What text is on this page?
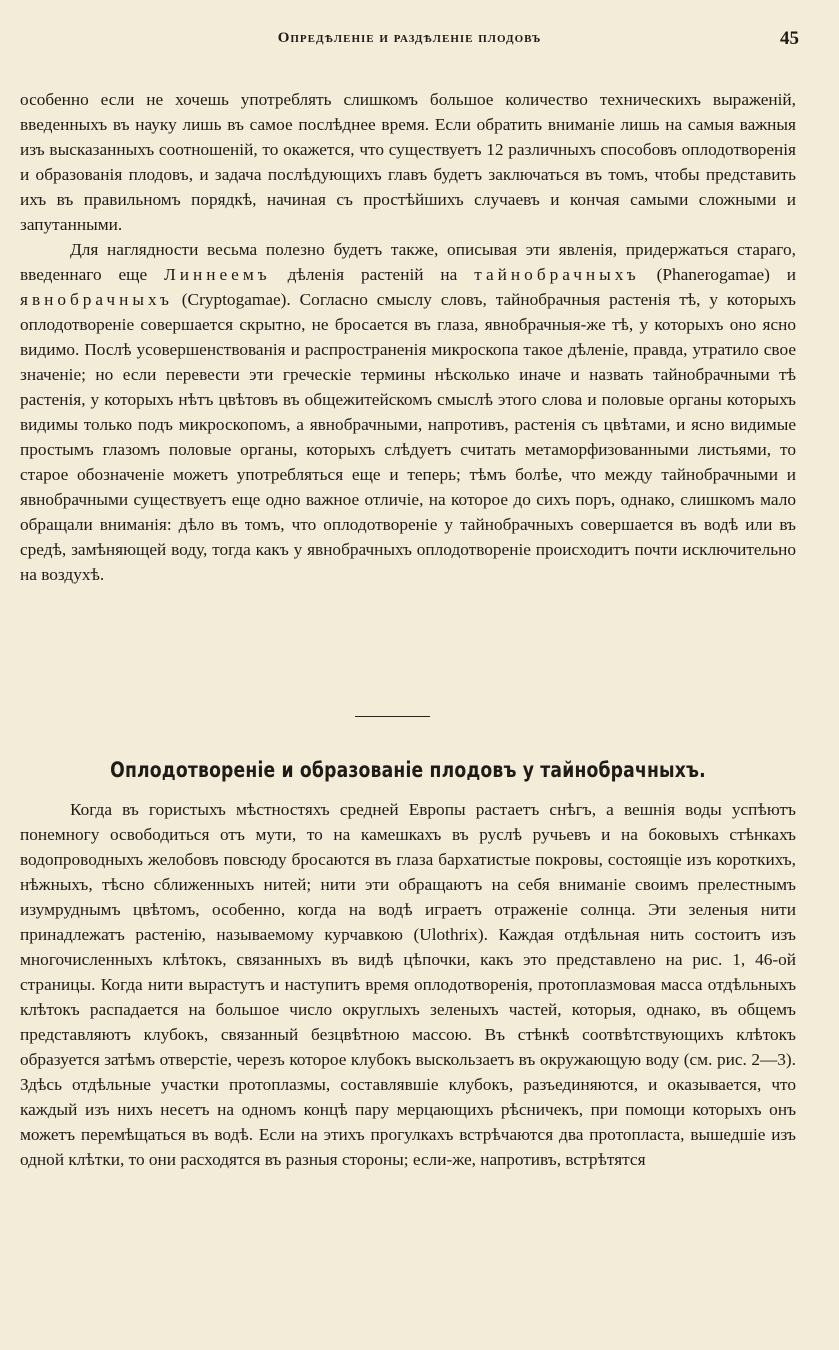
Опредѣленіе и раздѣленіе плодовъ	45

особенно если не хочешь употреблять слишкомъ большое количество техническихъ выраженій, введенныхъ въ науку лишь въ самое послѣднее время. Если обратить вниманіе лишь на самыя важныя изъ высказанныхъ соотношеній, то окажется, что существуетъ 12 различныхъ способовъ оплодотворенія и образованія плодовъ, и задача послѣдующихъ главъ будетъ заключаться въ томъ, чтобы представить ихъ въ правильномъ порядкѣ, начиная съ простѣйшихъ случаевъ и кончая самыми сложными и запутанными.

Для наглядности весьма полезно будетъ также, описывая эти явленія, придержаться стараго, введеннаго еще Линнеемъ дѣленія растеній на тайнобрачныхъ (Phanerogamae) и явнобрачныхъ (Cryptogamae). Согласно смыслу словъ, тайнобрачныя растенія тѣ, у которыхъ оплодотвореніе совершается скрытно, не бросается въ глаза, явнобрачныя-же тѣ, у которыхъ оно ясно видимо. Послѣ усовершенствованія и распространенія микроскопа такое дѣленіе, правда, утратило свое значеніе; но если перевести эти греческіе термины нѣсколько иначе и назвать тайнобрачными тѣ растенія, у которыхъ нѣтъ цвѣтовъ въ общежитейскомъ смыслѣ этого слова и половые органы которыхъ видимы только подъ микроскопомъ, а явнобрачными, напротивъ, растенія съ цвѣтами, и ясно видимые простымъ глазомъ половые органы, которыхъ слѣдуетъ считать метаморфизованными листьями, то старое обозначеніе можетъ употребляться еще и теперь; тѣмъ болѣе, что между тайнобрачными и явнобрачными существуетъ еще одно важное отличіе, на которое до сихъ поръ, однако, слишкомъ мало обращали вниманія: дѣло въ томъ, что оплодотвореніе у тайнобрачныхъ совершается въ водѣ или въ средѣ, замѣняющей воду, тогда какъ у явнобрачныхъ оплодотвореніе происходитъ почти исключительно на воздухѣ.

Оплодотвореніе и образованіе плодовъ у тайнобрачныхъ.

Когда въ гористыхъ мѣстностяхъ средней Европы растаетъ снѣгъ, а вешнія воды успѣютъ понемногу освободиться отъ мути, то на камешкахъ въ руслѣ ручьевъ и на боковыхъ стѣнкахъ водопроводныхъ желобовъ повсюду бросаются въ глаза бархатистые покровы, состоящіе изъ короткихъ, нѣжныхъ, тѣсно сближенныхъ нитей; нити эти обращаютъ на себя вниманіе своимъ прелестнымъ изумруднымъ цвѣтомъ, особенно, когда на водѣ играетъ отраженіе солнца. Эти зеленыя нити принадлежатъ растенію, называемому курчавкою (Ulothrix). Каждая отдѣльная нить состоитъ изъ многочисленныхъ клѣтокъ, связанныхъ въ видѣ цѣпочки, какъ это представлено на рис. 1, 46-ой страницы. Когда нити вырастутъ и наступитъ время оплодотворенія, протоплазмовая масса отдѣльныхъ клѣтокъ распадается на большое число округлыхъ зеленыхъ частей, которыя, однако, въ общемъ представляютъ клубокъ, связанный безцвѣтною массою. Въ стѣнкѣ соотвѣтствующихъ клѣтокъ образуется затѣмъ отверстіе, черезъ которое клубокъ выскользаетъ въ окружающую воду (см. рис. 2—3). Здѣсь отдѣльные участки протоплазмы, составлявшіе клубокъ, разъединяются, и оказывается, что каждый изъ нихъ несетъ на одномъ концѣ пару мерцающихъ рѣсничекъ, при помощи которыхъ онъ можетъ перемѣщаться въ водѣ. Если на этихъ прогулкахъ встрѣчаются два протопласта, вышедшіе изъ одной клѣтки, то они расходятся въ разныя стороны; если-же, напротивъ, встрѣтятся
